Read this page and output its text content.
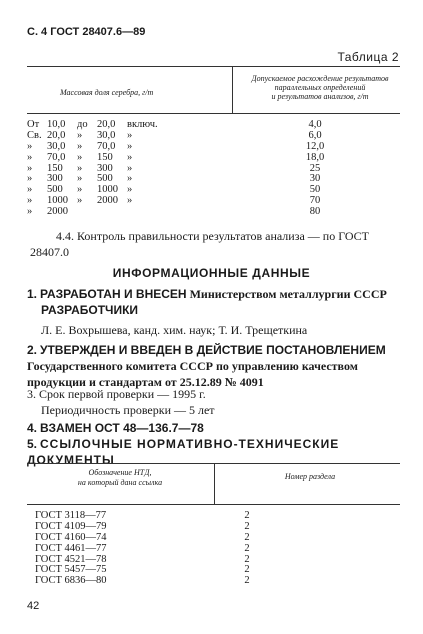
С. 4 ГОСТ 28407.6—89
Таблица 2
Массовая доля серебра, г/т
Допускаемое расхождение результатов
параллельных определений
и результатов анализов, г/т
От 10,0 до 20,0 включ.
Св. 20,0 » 30,0 »
» 30,0 » 70,0 »
» 70,0 » 150 »
» 150 » 300 »
» 300 » 500 »
» 500 » 1000 »
» 1000 » 2000 »
» 2000
4,0
6,0
12,0
18,0
25
30
50
70
80
4.4. Контроль правильности результатов анализа — по ГОСТ 28407.0
ИНФОРМАЦИОННЫЕ ДАННЫЕ
1. РАЗРАБОТАН И ВНЕСЕН Министерством металлургии СССР
РАЗРАБОТЧИКИ
Л. Е. Вохрышева, канд. хим. наук; Т. И. Трещеткина
2. УТВЕРЖДЕН И ВВЕДЕН В ДЕЙСТВИЕ ПОСТАНОВЛЕНИЕМ Государственного комитета СССР по управлению качеством продукции и стандартам от 25.12.89 № 4091
3. Срок первой проверки — 1995 г.
Периодичность проверки — 5 лет
4. ВЗАМЕН ОСТ 48—136.7—78
5. ССЫЛОЧНЫЕ НОРМАТИВНО-ТЕХНИЧЕСКИЕ ДОКУМЕНТЫ
Обозначение НТД,
на который дана ссылка
Номер раздела
ГОСТ 3118—77
ГОСТ 4109—79
ГОСТ 4160—74
ГОСТ 4461—77
ГОСТ 4521—78
ГОСТ 5457—75
ГОСТ 6836—80
2
2
2
2
2
2
2
42
